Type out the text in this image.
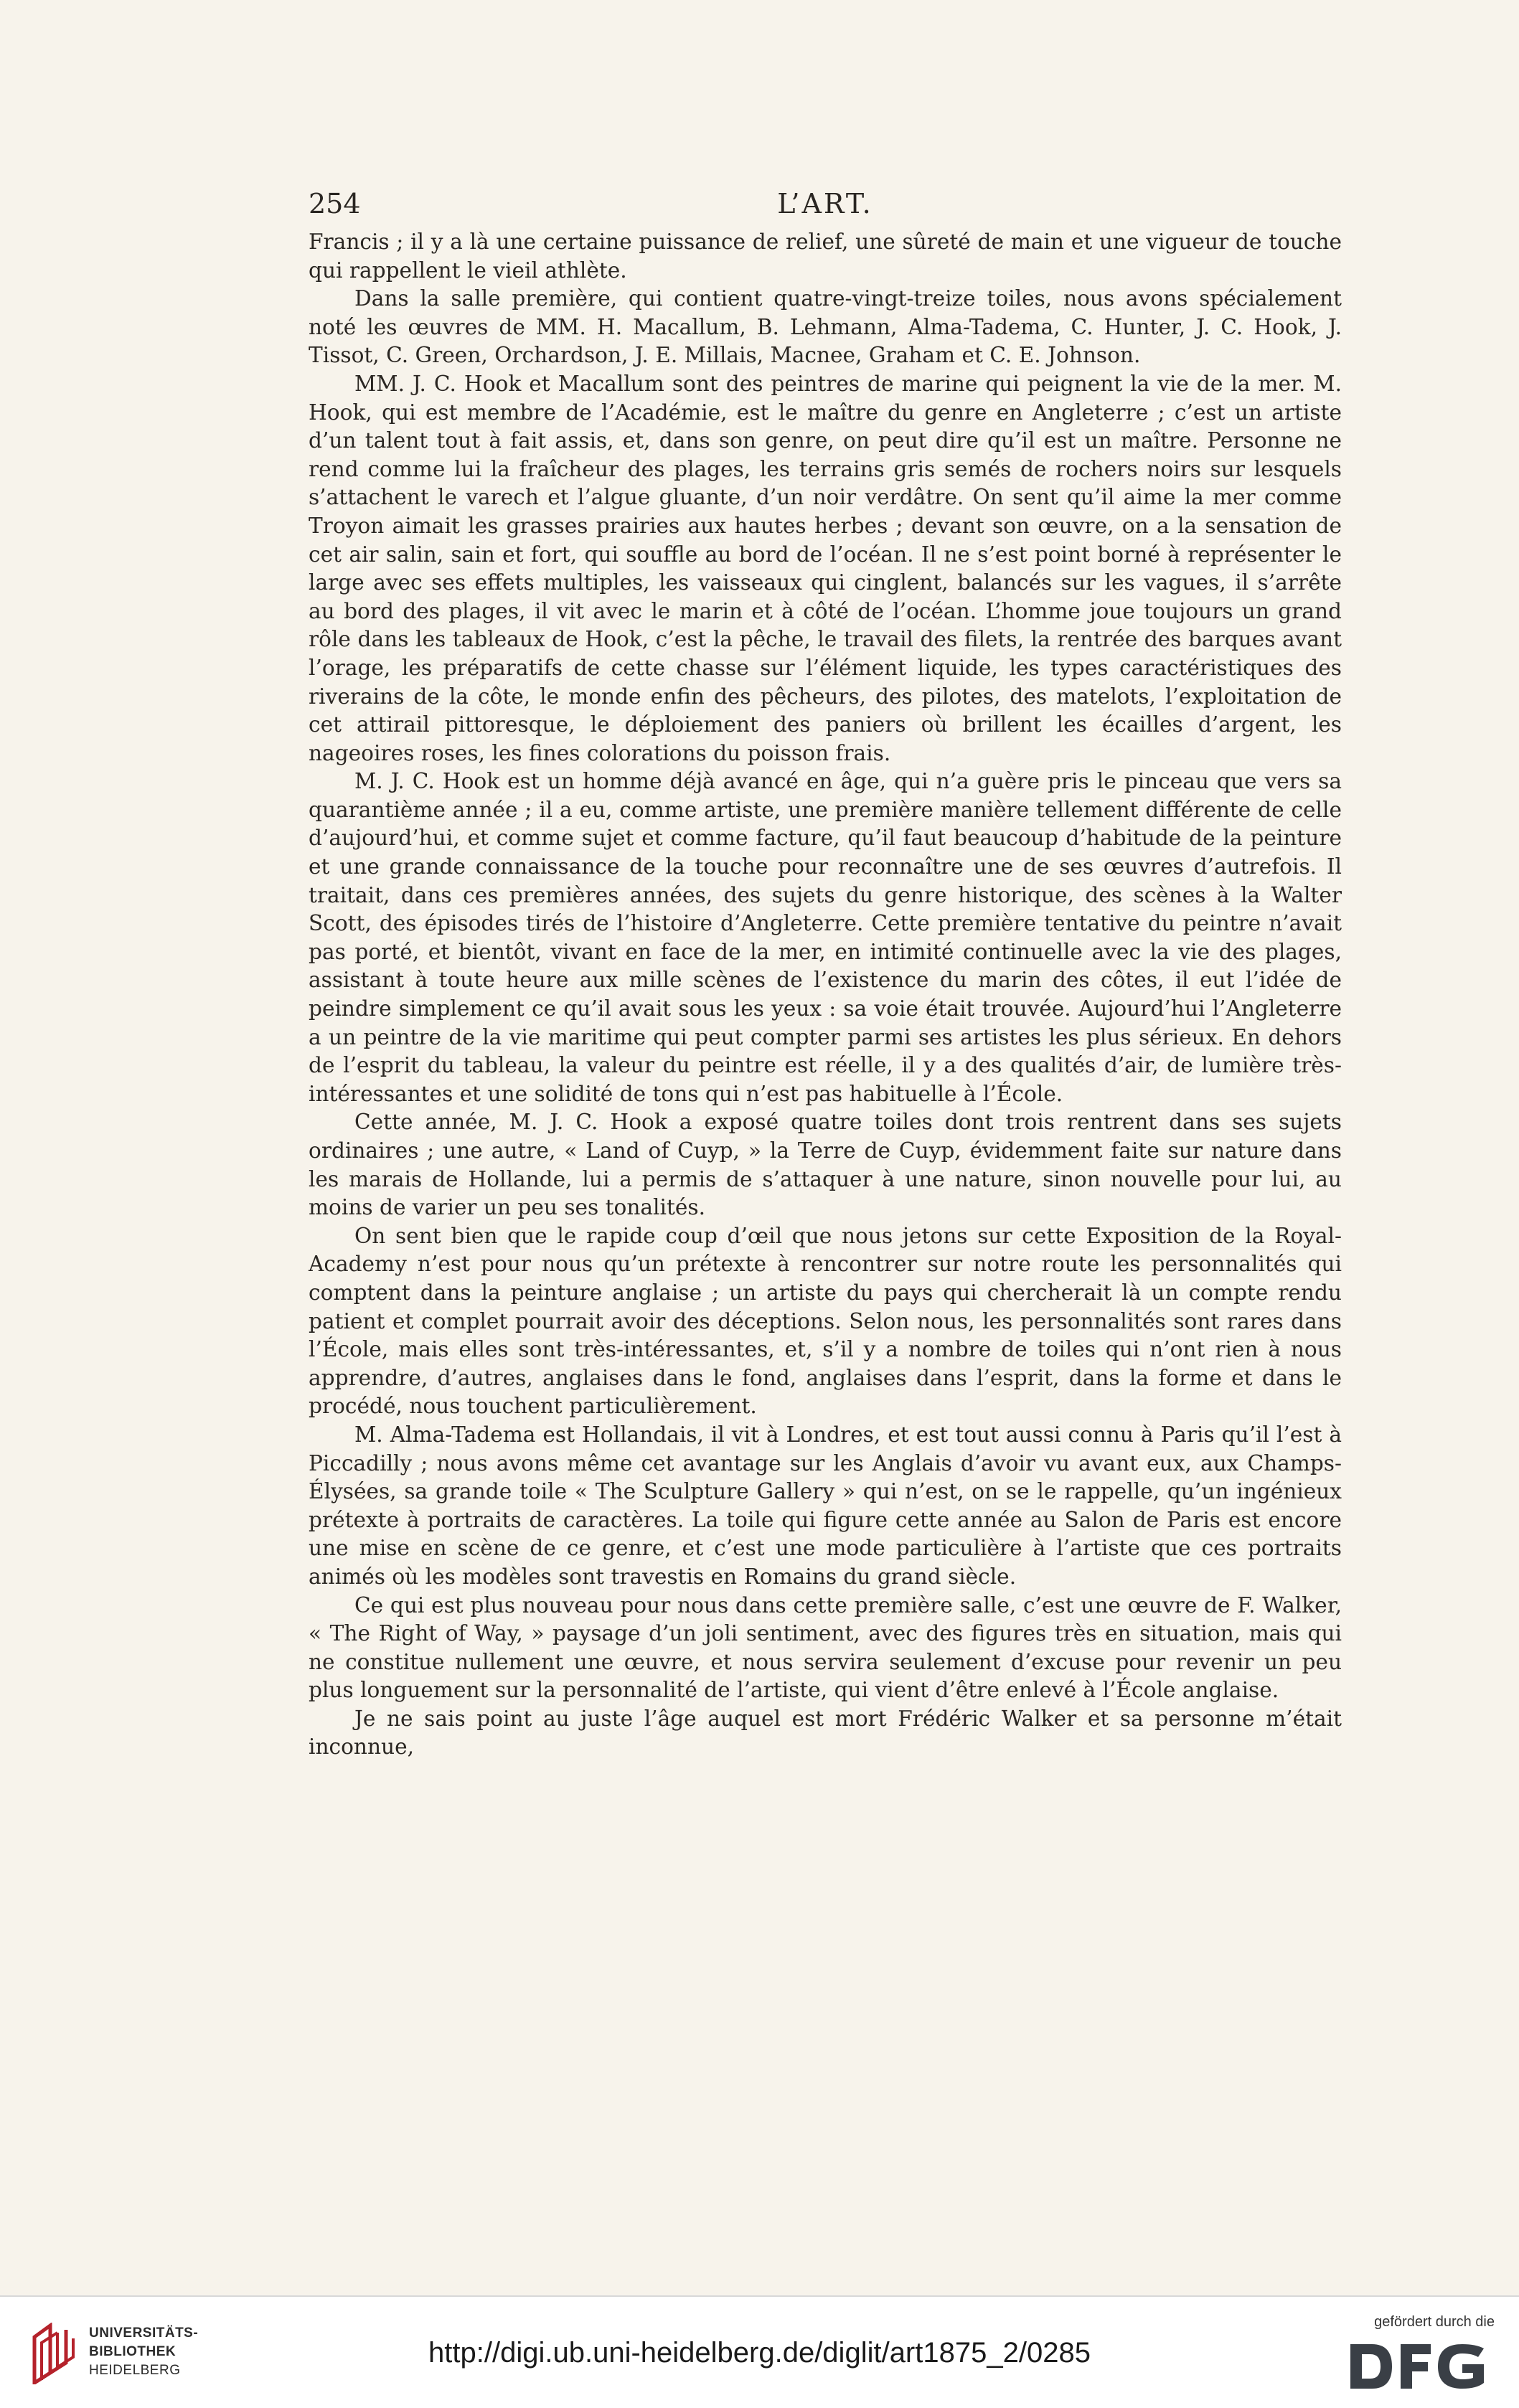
254	L’ART.

Francis ; il y a là une certaine puissance de relief, une sûreté de main et une vigueur de touche qui rappellent le vieil athlète.

Dans la salle première, qui contient quatre-vingt-treize toiles, nous avons spécialement noté les œuvres de MM. H. Macallum, B. Lehmann, Alma-Tadema, C. Hunter, J. C. Hook, J. Tissot, C. Green, Orchardson, J. E. Millais, Macnee, Graham et C. E. Johnson.

MM. J. C. Hook et Macallum sont des peintres de marine qui peignent la vie de la mer. M. Hook, qui est membre de l’Académie, est le maître du genre en Angleterre ; c’est un artiste d’un talent tout à fait assis, et, dans son genre, on peut dire qu’il est un maître. Personne ne rend comme lui la fraîcheur des plages, les terrains gris semés de rochers noirs sur lesquels s’attachent le varech et l’algue gluante, d’un noir verdâtre. On sent qu’il aime la mer comme Troyon aimait les grasses prairies aux hautes herbes ; devant son œuvre, on a la sensation de cet air salin, sain et fort, qui souffle au bord de l’océan. Il ne s’est point borné à représenter le large avec ses effets multiples, les vaisseaux qui cinglent, balancés sur les vagues, il s’arrête au bord des plages, il vit avec le marin et à côté de l’océan. L’homme joue toujours un grand rôle dans les tableaux de Hook, c’est la pêche, le travail des filets, la rentrée des barques avant l’orage, les préparatifs de cette chasse sur l’élément liquide, les types caractéristiques des riverains de la côte, le monde enfin des pêcheurs, des pilotes, des matelots, l’exploitation de cet attirail pittoresque, le déploiement des paniers où brillent les écailles d’argent, les nageoires roses, les fines colorations du poisson frais.

M. J. C. Hook est un homme déjà avancé en âge, qui n’a guère pris le pinceau que vers sa quarantième année ; il a eu, comme artiste, une première manière tellement différente de celle d’aujourd’hui, et comme sujet et comme facture, qu’il faut beaucoup d’habitude de la peinture et une grande connaissance de la touche pour reconnaître une de ses œuvres d’autrefois. Il traitait, dans ces premières années, des sujets du genre historique, des scènes à la Walter Scott, des épisodes tirés de l’histoire d’Angleterre. Cette première tentative du peintre n’avait pas porté, et bientôt, vivant en face de la mer, en intimité continuelle avec la vie des plages, assistant à toute heure aux mille scènes de l’existence du marin des côtes, il eut l’idée de peindre simplement ce qu’il avait sous les yeux : sa voie était trouvée. Aujourd’hui l’Angleterre a un peintre de la vie maritime qui peut compter parmi ses artistes les plus sérieux. En dehors de l’esprit du tableau, la valeur du peintre est réelle, il y a des qualités d’air, de lumière très-intéressantes et une solidité de tons qui n’est pas habituelle à l’École.

Cette année, M. J. C. Hook a exposé quatre toiles dont trois rentrent dans ses sujets ordinaires ; une autre, « Land of Cuyp, » la Terre de Cuyp, évidemment faite sur nature dans les marais de Hollande, lui a permis de s’attaquer à une nature, sinon nouvelle pour lui, au moins de varier un peu ses tonalités.

On sent bien que le rapide coup d’œil que nous jetons sur cette Exposition de la Royal-Academy n’est pour nous qu’un prétexte à rencontrer sur notre route les personnalités qui comptent dans la peinture anglaise ; un artiste du pays qui chercherait là un compte rendu patient et complet pourrait avoir des déceptions. Selon nous, les personnalités sont rares dans l’École, mais elles sont très-intéressantes, et, s’il y a nombre de toiles qui n’ont rien à nous apprendre, d’autres, anglaises dans le fond, anglaises dans l’esprit, dans la forme et dans le procédé, nous touchent particulièrement.

M. Alma-Tadema est Hollandais, il vit à Londres, et est tout aussi connu à Paris qu’il l’est à Piccadilly ; nous avons même cet avantage sur les Anglais d’avoir vu avant eux, aux Champs-Élysées, sa grande toile « The Sculpture Gallery » qui n’est, on se le rappelle, qu’un ingénieux prétexte à portraits de caractères. La toile qui figure cette année au Salon de Paris est encore une mise en scène de ce genre, et c’est une mode particulière à l’artiste que ces portraits animés où les modèles sont travestis en Romains du grand siècle.

Ce qui est plus nouveau pour nous dans cette première salle, c’est une œuvre de F. Walker, « The Right of Way, » paysage d’un joli sentiment, avec des figures très en situation, mais qui ne constitue nullement une œuvre, et nous servira seulement d’excuse pour revenir un peu plus longuement sur la personnalité de l’artiste, qui vient d’être enlevé à l’École anglaise.

Je ne sais point au juste l’âge auquel est mort Frédéric Walker et sa personne m’était inconnue,

UNIVERSITÄTS-
BIBLIOTHEK
HEIDELBERG
http://digi.ub.uni-heidelberg.de/diglit/art1875_2/0285
gefördert durch die
